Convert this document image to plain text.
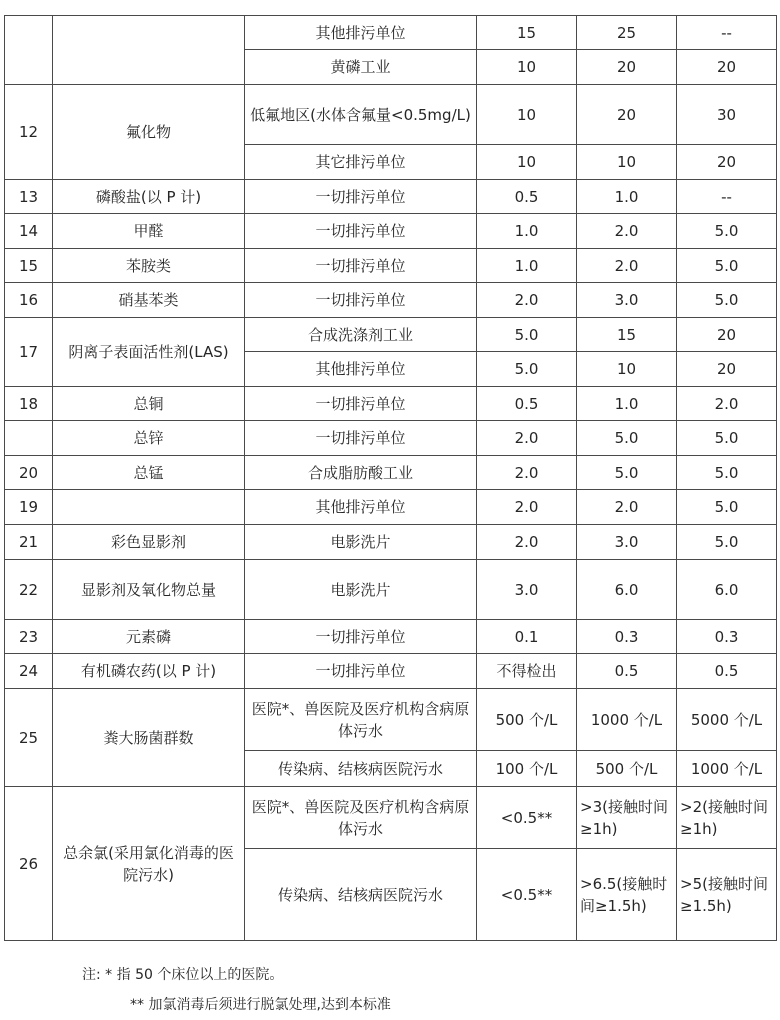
		其他排污单位	15	25	--
		黄磷工业	10	20	20
12	氟化物	低氟地区(水体含氟量<0.5mg/L)	10	20	30
		其它排污单位	10	10	20
13	磷酸盐(以 P 计)	一切排污单位	0.5	1.0	--
14	甲醛	一切排污单位	1.0	2.0	5.0
15	苯胺类	一切排污单位	1.0	2.0	5.0
16	硝基苯类	一切排污单位	2.0	3.0	5.0
17	阴离子表面活性剂(LAS)	合成洗涤剂工业	5.0	15	20
		其他排污单位	5.0	10	20
18	总铜	一切排污单位	0.5	1.0	2.0
	总锌	一切排污单位	2.0	5.0	5.0
20	总锰	合成脂肪酸工业	2.0	5.0	5.0
19		其他排污单位	2.0	2.0	5.0
21	彩色显影剂	电影洗片	2.0	3.0	5.0
22	显影剂及氧化物总量	电影洗片	3.0	6.0	6.0
23	元素磷	一切排污单位	0.1	0.3	0.3
24	有机磷农药(以 P 计)	一切排污单位	不得检出	0.5	0.5
25	粪大肠菌群数	医院*、兽医院及医疗机构含病原体污水	500 个/L	1000 个/L	5000 个/L
		传染病、结核病医院污水	100 个/L	500 个/L	1000 个/L
26	总余氯(采用氯化消毒的医院污水)	医院*、兽医院及医疗机构含病原体污水	<0.5**	>3(接触时间 ≥1h)	>2(接触时间≥1h)
		传染病、结核病医院污水	<0.5**	>6.5(接触时间≥1.5h)	>5(接触时间≥1.5h)
注: * 指 50 个床位以上的医院。
** 加氯消毒后须进行脱氯处理,达到本标准
